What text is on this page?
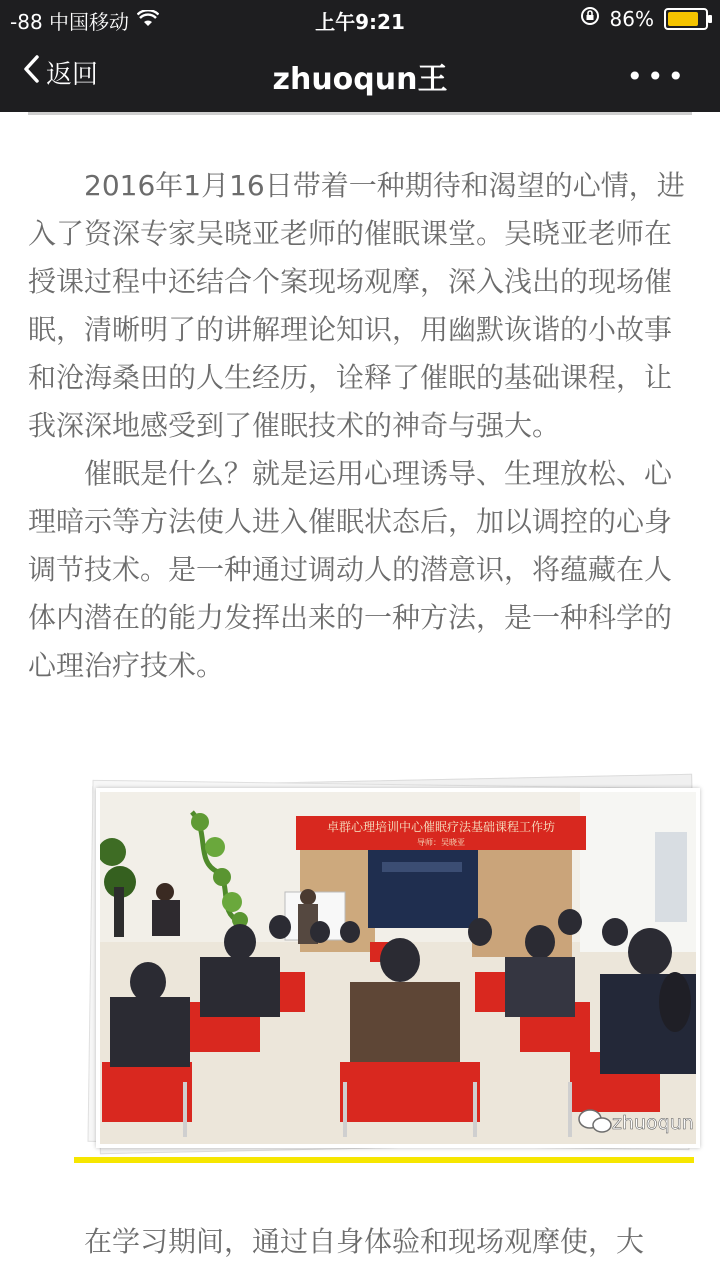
-88 中国移动	上午9:21	86%
返回	zhuoqun王	•••

2016年1月16日带着一种期待和渴望的心情，进入了资深专家吴晓亚老师的催眠课堂。吴晓亚老师在授课过程中还结合个案现场观摩，深入浅出的现场催眠，清晰明了的讲解理论知识，用幽默诙谐的小故事和沧海桑田的人生经历，诠释了催眠的基础课程，让我深深地感受到了催眠技术的神奇与强大。

催眠是什么？就是运用心理诱导、生理放松、心理暗示等方法使人进入催眠状态后，加以调控的心身调节技术。是一种通过调动人的潜意识，将蕴藏在人体内潜在的能力发挥出来的一种方法，是一种科学的心理治疗技术。

卓群心理培训中心催眠疗法基础课程工作坊
导师：吴晓亚
zhuoqun

在学习期间，通过自身体验和现场观摩使，大
